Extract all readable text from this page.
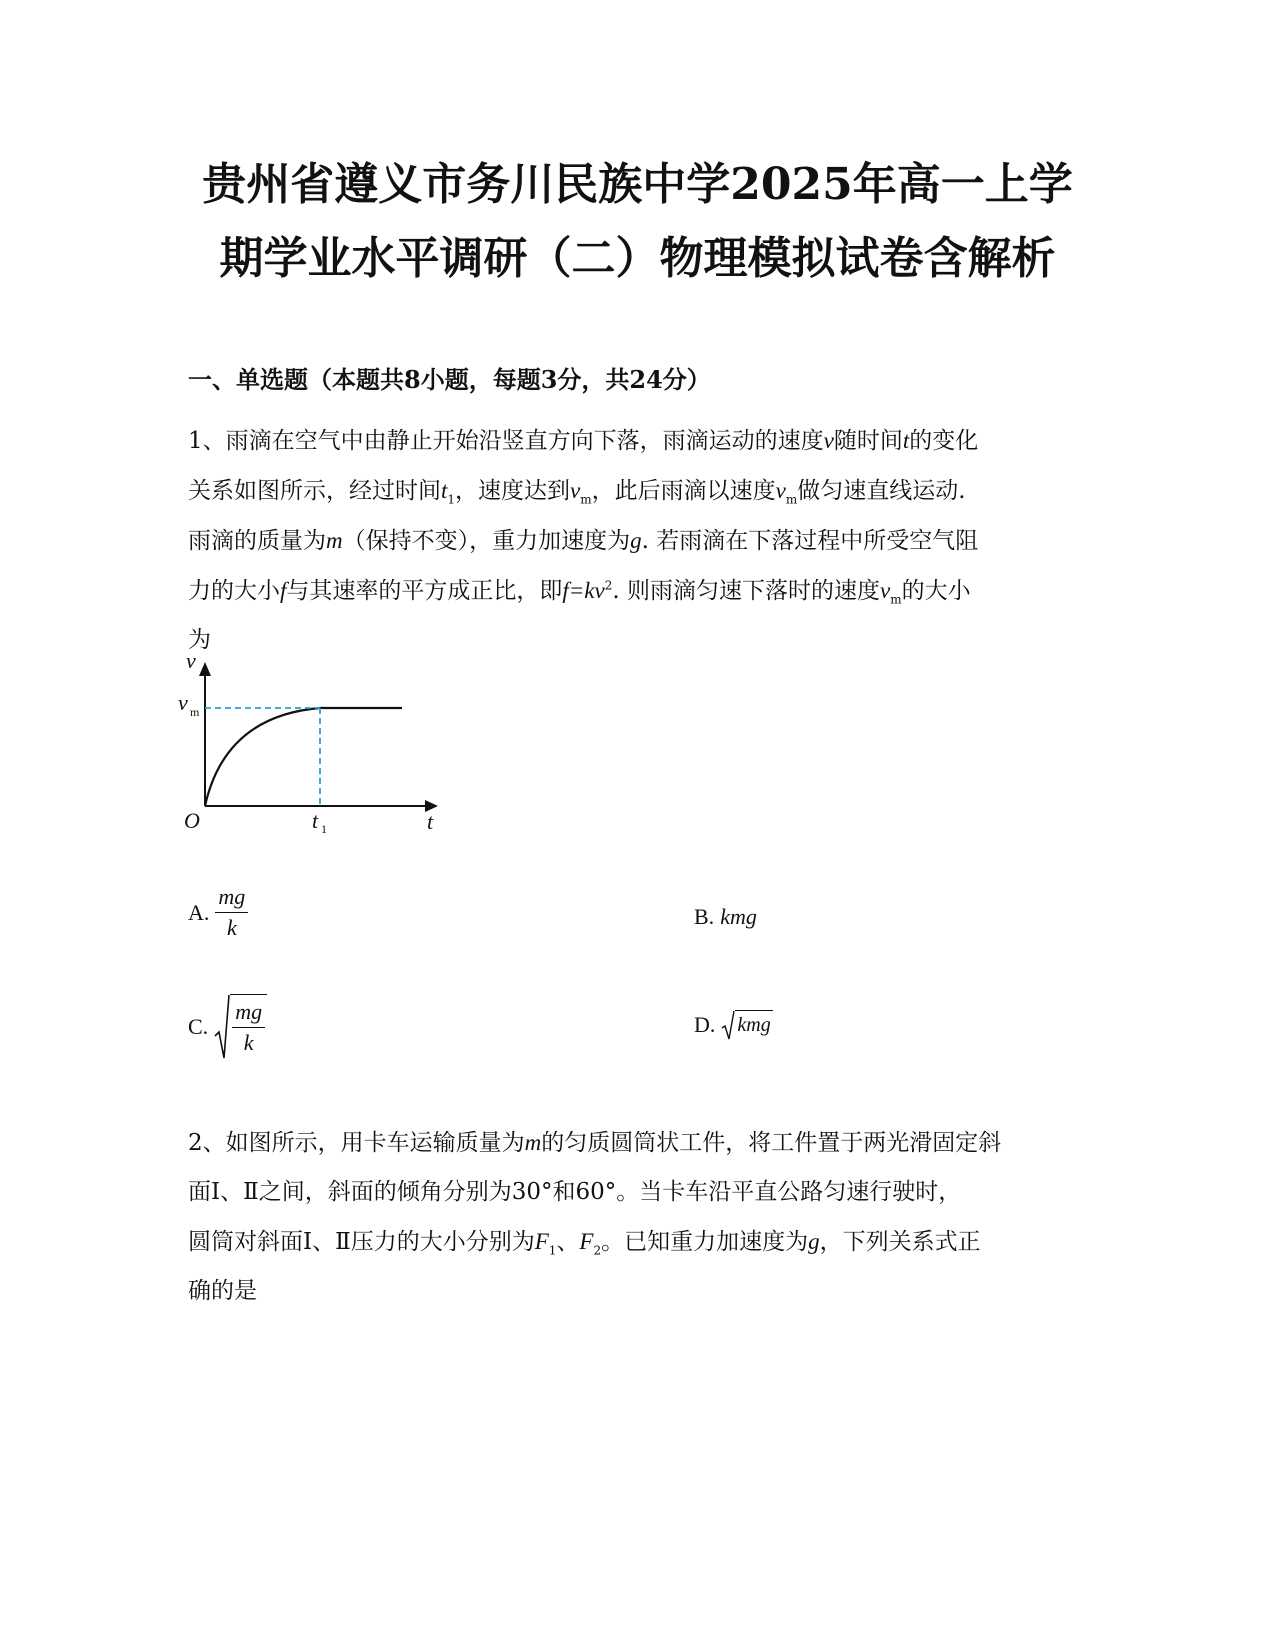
贵州省遵义市务川民族中学2025年高一上学
期学业水平调研（二）物理模拟试卷含解析
一、单选题（本题共8小题，每题3分，共24分）

1、雨滴在空气中由静止开始沿竖直方向下落，雨滴运动的速度v随时间t的变化

关系如图所示，经过时间$t_1$，速度达到$v_m$，此后雨滴以速度$v_m$做匀速直线运动.

雨滴的质量为m（保持不变），重力加速度为g. 若雨滴在下落过程中所受空气阻

力的大小f与其速率的平方成正比，即$f=kv^2$. 则雨滴匀速下落时的速度$v_m$的大小

为

v
t
O
v m
t 1
A. $\frac{mg}{k}$	B. kmg
C. $\frac{mg}{k}$	D. kmg

2、如图所示，用卡车运输质量为m的匀质圆筒状工件，将工件置于两光滑固定斜

面Ⅰ、Ⅱ之间，斜面的倾角分别为30°和60°。当卡车沿平直公路匀速行驶时，

圆筒对斜面Ⅰ、Ⅱ压力的大小分别为$F_1$、$F_2$。已知重力加速度为g，下列关系式正

确的是
